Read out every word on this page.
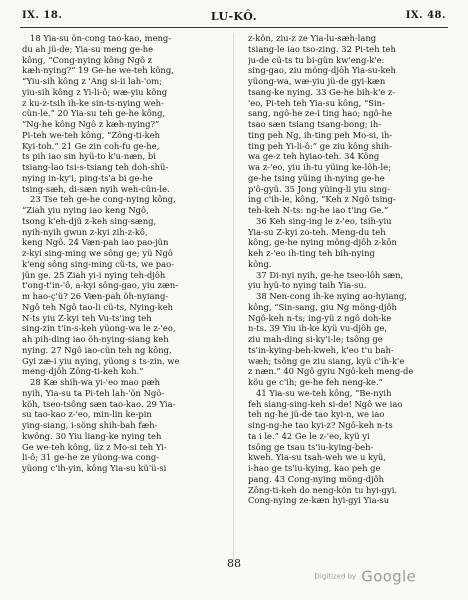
IX. 18.	LU-KÔ.	IX. 48.
18 Yia-su ön-cong tao-kao, meng-
du ah jü-de; Yia-su meng ge-he
kông, “Cong-nying kông Ngô z
kæh-nying?” 19 Ge-he we-teh kông,
“Yiu-sih kông z 'Ang si-ii lah-'om;
yiu-sih kông z Yi-li-ô; wæ-yiu kông
z ku-z-tsih ih-ke sin-ts-nying weh-
cün-le.” 20 Yia-su teh ge-he kông,
“Ng-he kông Ngô z kæh-nying?”
Pi-teh we-teh kông, “Zông-ti-keh
Kyi-toh.” 21 Ge zin coh-fu ge-he,
ts pih iao sin hyü-to k'u-næn, bi
tsiang-lao tsi-s-tsiang teh doh-shü-
nying in-ky'i, ping-ts'a bi ge-he
tsing-sæh, di-sæn nyih weh-cün-le.
23 Tse teh ge-he cong-nying kông,
“Ziah yiu nying iao keng Ngô,
tsong k'eh-djü z-keh sing-sæng,
nyih-nyih gwun z-kyi zih-z-kô,
keng Ngô. 24 Væn-pah iao pao-jün
z-kyi sing-ming we sông ge; yü Ngô
k'eng sông sing-ming cü-ts, we pao-
jün ge. 25 Ziah yi-i nying teh-djôh
t'ong-t'in-'ô, a-kyi sông-gao, yiu zæn-
m hao-ç'ü? 26 Væn-pah öh-nyiang-
Ngô teh Ngô tao-li cü-ts, Nying-keh
N-ts yiu Z-kyi teh Vu-ts'ing teh
sing-zin t'in-s-keh yüong-wa le z-'eo,
ah pih-ding iao öh-nying-siang keh
nying. 27 Ngô iao-cün teh ng kông,
Gyi zæ-i yiu nying, yüong s ts-zin, we
meng-djôh Zông-ti-keh koh.”
28 Kæ shih-wa yi-'eo mao pæh
nyih, Yia-su ta Pi-teh lah-'ön Ngô-
köh, tseo-tsông sæn tao-kao. 29 Yia-
su tao-kao z-'eo, min-lin ke-pin
ying-siang, i-söng shih-bah fæh-
kwông. 30 Yiu liang-ke nying teh
Ge we-teh kông, üz z Mo-si teh Yi-
li-ô; 31 ge-he ze yüong-wa cong-
yüong c'ih-yin, kông Yia-su kü'ü-si
z-kôn, ziu-z ze Yia-lu-sæh-lang
tsiang-le iao tso-zing. 32 Pi-teh teh
ju-de cü-ts tu bi-gün kw'eng-k'e:
sing-gao, ziu möng-djôh Yia-su-keh
yüong-wa, wæ-yiu jü-de gyi-kæn
tsang-ke nying. 33 Ge-he bih-k'e z-
'eo, Pi-teh teh Yia-su kông, “Sin-
sang, ngô-he ze-i ting hao; ngô-he
tsao sæn tsiang tsang-bong; ih-
ting peh Ng, ih-ting peh Mo-si, ih-
ting peh Yi-li-ô:” ge ziu kông shih-
wa ge-z teh hyiao-teh. 34 Kông
wa z-'eo, yiu ih-tu yüing ke-lôh-le;
ge-he tsing yüing ih-nying ge-he
p'ô-gyü. 35 Jong yüing-li yiu sing-
ing c'ih-le, kông, “Keh z Ngô tsing-
teh-keh N-ts: ng-he iao t'ing Ge.”
36 Keh sing-ing le z-'eo, tsih-yiu
Yia-su Z-kyi zo-teh. Meng-du teh
kông, ge-he nying möng-djôh z-kôn
keh z-'eo ih-ting teh bih-nying
kông.
37 Di-nyi nyih, ge-he tseo-lôh sæn,
yiu hyü-to nying taih Yia-su.
38 Nen-cong ih-ke nying ao-hyiang,
kông, “Sin-sang, giu Ng möng-djôh
Ngô-keh n-ts; ing-yü z ngô doh-ke
n-ts. 39 Yiu ih-ke kyü vu-djôh ge,
ziu mah-ding si-ky'i-le; tsông ge
ts'in-kying-beh-kweh, k'eo t'u bah-
wæh; tsông ge ziu siang, kyü c'ih-k'e
z næn.” 40 Ngô gyiu Ngô-keh meng-de
köu ge c'ih; ge-he feh neng-ke.”
41 Yia-su we-teh kông, “Be-nyih
feh siang-sing-keh si-de! Ngô we iao
teh ng-he jü-de tao kyi-n, we iao
sing-ng-he tao kyi-z? Ngô-keh n-ts
ta i le.” 42 Ge le z-'eo, kyü yi
tsông ge tsau ts'iu-kying-beh-
kweh. Yia-su tsah-weh we u kyü,
i-hao ge ts'iu-kying, kao peh ge
pang. 43 Cong-nying möng-djôh
Zông-ti-keh do neng-kön tu hyi-gyi.
Cong-nying ze-kæn hyi-gyi Yia-su
88
Digitized by Google
